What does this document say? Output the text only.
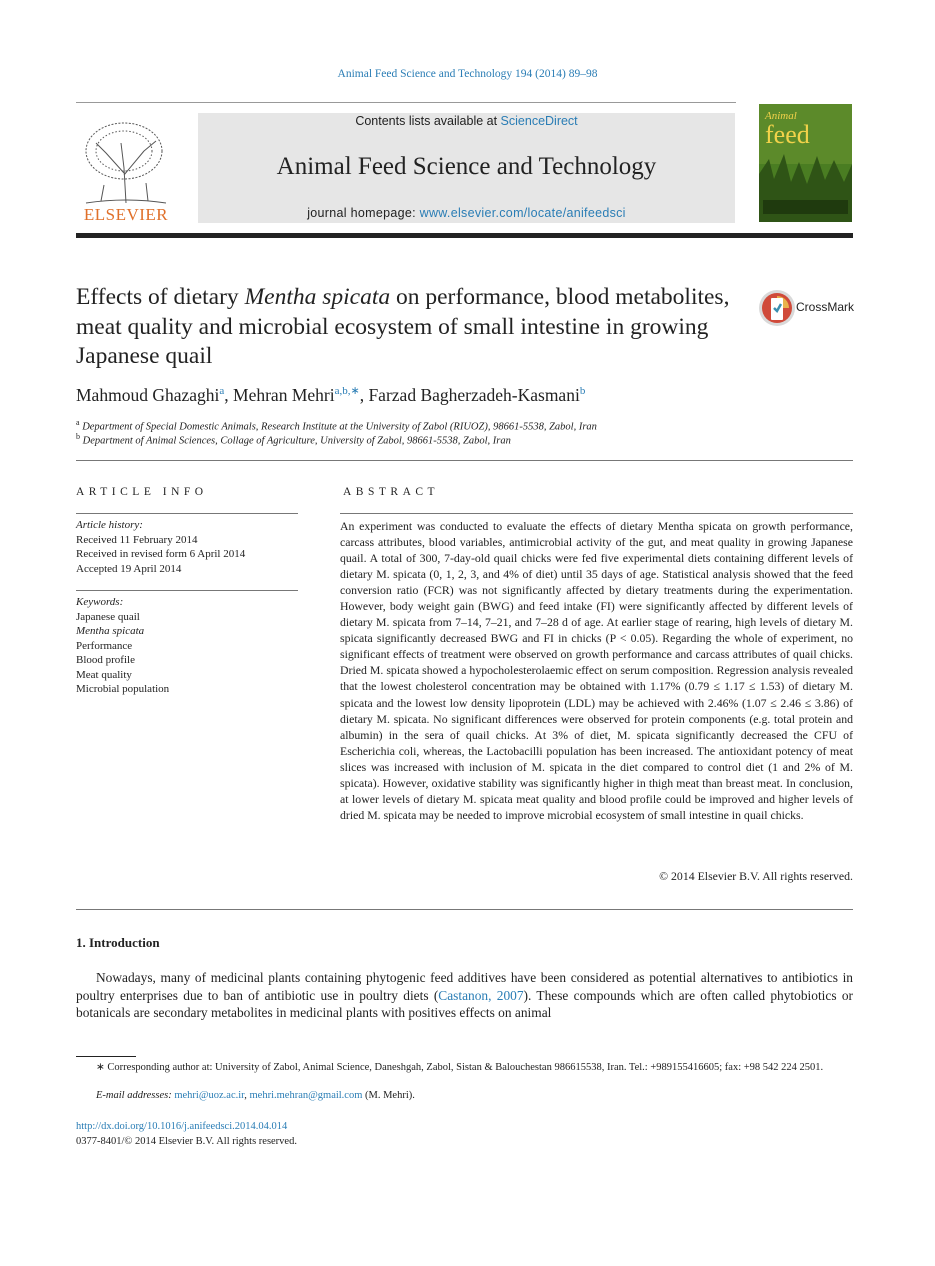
Animal Feed Science and Technology 194 (2014) 89–98
ELSEVIER
Contents lists available at ScienceDirect
Animal Feed Science and Technology
journal homepage: www.elsevier.com/locate/anifeedsci
Animal
feed
Effects of dietary Mentha spicata on performance, blood metabolites, meat quality and microbial ecosystem of small intestine in growing Japanese quail
CrossMark
Mahmoud Ghazaghi$^a$, Mehran Mehri$^{a,b,∗}$, Farzad Bagherzadeh-Kasmani$^b$
$^a$ Department of Special Domestic Animals, Research Institute at the University of Zabol (RIUOZ), 98661-5538, Zabol, Iran
$^b$ Department of Animal Sciences, Collage of Agriculture, University of Zabol, 98661-5538, Zabol, Iran
ARTICLE INFO	ABSTRACT
Article history:
Received 11 February 2014
Received in revised form 6 April 2014
Accepted 19 April 2014
Keywords:
Japanese quail
Mentha spicata
Performance
Blood profile
Meat quality
Microbial population
An experiment was conducted to evaluate the effects of dietary Mentha spicata on growth performance, carcass attributes, blood variables, antimicrobial activity of the gut, and meat quality in growing Japanese quail. A total of 300, 7-day-old quail chicks were fed five experimental diets containing different levels of dietary M. spicata (0, 1, 2, 3, and 4% of diet) until 35 days of age. Statistical analysis showed that the feed conversion ratio (FCR) was not significantly affected by dietary treatments during the experimentation. However, body weight gain (BWG) and feed intake (FI) were significantly affected by different levels of dietary M. spicata from 7–14, 7–21, and 7–28 d of age. At earlier stage of rearing, high levels of dietary M. spicata significantly decreased BWG and FI in chicks (P < 0.05). Regarding the whole of experiment, no significant effects of treatment were observed on growth performance and carcass attributes of quail chicks. Dried M. spicata showed a hypocholesterolaemic effect on serum composition. Regression analysis revealed that the lowest cholesterol concentration may be obtained with 1.17% (0.79 ≤ 1.17 ≤ 1.53) of dietary M. spicata and the lowest low density lipoprotein (LDL) may be achieved with 2.46% (1.07 ≤ 2.46 ≤ 3.86) of dietary M. spicata. No significant differences were observed for protein components (e.g. total protein and albumin) in the sera of quail chicks. At 3% of diet, M. spicata significantly decreased the CFU of Escherichia coli, whereas, the Lactobacilli population has been increased. The antioxidant potency of meat slices was increased with inclusion of M. spicata in the diet compared to control diet (1 and 2% of M. spicata). However, oxidative stability was significantly higher in thigh meat than breast meat. In conclusion, at lower levels of dietary M. spicata meat quality and blood profile could be improved and higher levels of dried M. spicata may be needed to improve microbial ecosystem of small intestine in quail chicks.
© 2014 Elsevier B.V. All rights reserved.
1. Introduction
Nowadays, many of medicinal plants containing phytogenic feed additives have been considered as potential alternatives to antibiotics in poultry enterprises due to ban of antibiotic use in poultry diets (Castanon, 2007). These compounds which are often called phytobiotics or botanicals are secondary metabolites in medicinal plants with positives effects on animal
∗ Corresponding author at: University of Zabol, Animal Science, Daneshgah, Zabol, Sistan & Balouchestan 986615538, Iran. Tel.: +989155416605; fax: +98 542 224 2501.
E-mail addresses: mehri@uoz.ac.ir, mehri.mehran@gmail.com (M. Mehri).
http://dx.doi.org/10.1016/j.anifeedsci.2014.04.014
0377-8401/© 2014 Elsevier B.V. All rights reserved.
